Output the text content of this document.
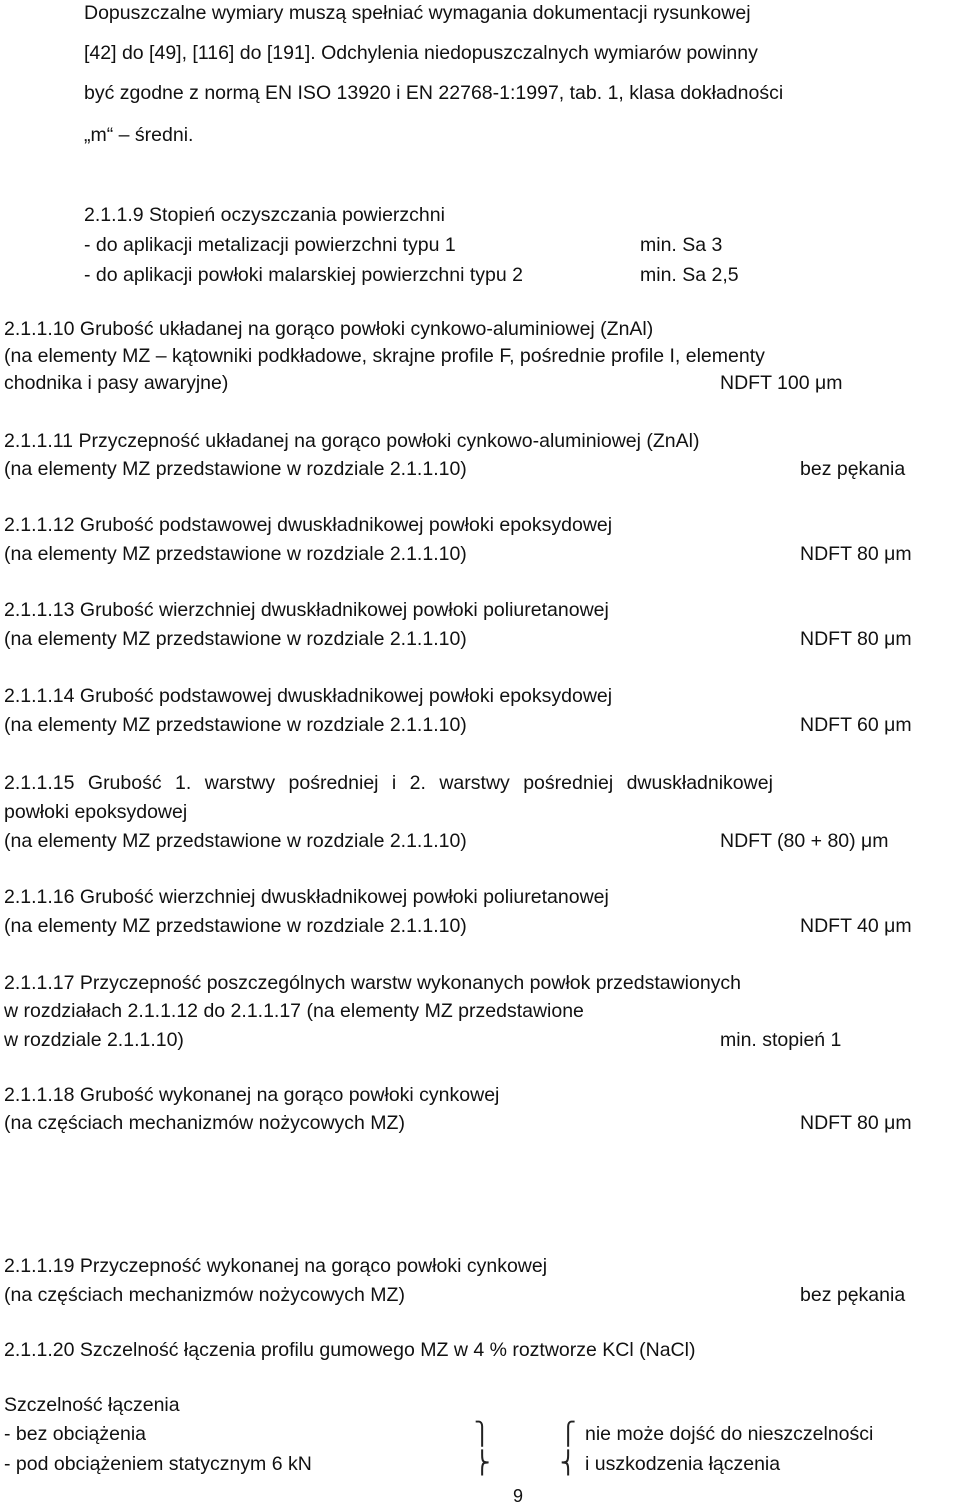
Dopuszczalne wymiary muszą spełniać wymagania dokumentacji rysunkowej
[42] do [49], [116] do [191]. Odchylenia niedopuszczalnych wymiarów powinny
być zgodne z normą EN ISO 13920 i EN 22768-1:1997, tab. 1, klasa dokładności
„m“ – średni.
2.1.1.9 Stopień oczyszczania powierzchni
- do aplikacji metalizacji powierzchni typu 1	min. Sa 3
- do aplikacji powłoki malarskiej powierzchni typu 2	min. Sa 2,5
2.1.1.10 Grubość układanej na gorąco powłoki cynkowo-aluminiowej (ZnAl)
(na elementy MZ – kątowniki podkładowe, skrajne profile F, pośrednie profile I, elementy
chodnika i pasy awaryjne)	NDFT 100 μm
2.1.1.11 Przyczepność układanej na gorąco powłoki cynkowo-aluminiowej (ZnAl)
(na elementy MZ przedstawione w rozdziale 2.1.1.10)	bez pękania
2.1.1.12 Grubość podstawowej dwuskładnikowej powłoki epoksydowej
(na elementy MZ przedstawione w rozdziale 2.1.1.10)	NDFT 80 μm
2.1.1.13 Grubość wierzchniej dwuskładnikowej powłoki poliuretanowej
(na elementy MZ przedstawione w rozdziale 2.1.1.10)	NDFT 80 μm
2.1.1.14 Grubość podstawowej dwuskładnikowej powłoki epoksydowej
(na elementy MZ przedstawione w rozdziale 2.1.1.10)	NDFT 60 μm
2.1.1.15 Grubość 1. warstwy pośredniej i 2. warstwy pośredniej dwuskładnikowej
powłoki epoksydowej
(na elementy MZ przedstawione w rozdziale 2.1.1.10)	NDFT (80 + 80) μm
2.1.1.16 Grubość wierzchniej dwuskładnikowej powłoki poliuretanowej
(na elementy MZ przedstawione w rozdziale 2.1.1.10)	NDFT 40 μm
2.1.1.17 Przyczepność poszczególnych warstw wykonanych powłok przedstawionych
w rozdziałach 2.1.1.12 do 2.1.1.17 (na elementy MZ przedstawione
w rozdziale 2.1.1.10)	min. stopień 1
2.1.1.18 Grubość wykonanej na gorąco powłoki cynkowej
(na częściach mechanizmów nożycowych MZ)	NDFT 80 μm
2.1.1.19 Przyczepność wykonanej na gorąco powłoki cynkowej
(na częściach mechanizmów nożycowych MZ)	bez pękania
2.1.1.20 Szczelność łączenia profilu gumowego MZ w 4 % roztworze KCl (NaCl)
Szczelność łączenia
- bez obciążenia
- pod obciążeniem statycznym 6 kN
⎫
⎬
⎧
⎨
nie może dojść do nieszczelności
i uszkodzenia łączenia
9
